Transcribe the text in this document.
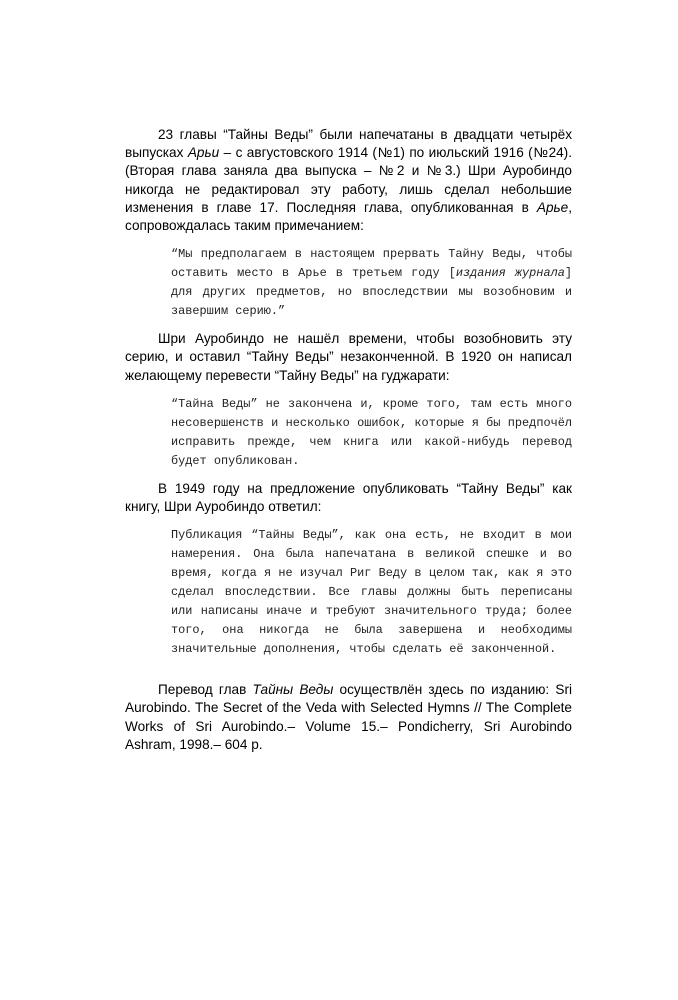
23 главы “Тайны Веды” были напечатаны в двадцати четырёх выпусках Арьи – с августовского 1914 (№1) по июльский 1916 (№24). (Вторая глава заняла два выпуска – №2 и №3.) Шри Ауробиндо никогда не редактировал эту работу, лишь сделал небольшие изменения в главе 17. Последняя глава, опубликованная в Арье, сопровождалась таким примечанием:

“Мы предполагаем в настоящем прервать Тайну Веды, чтобы оставить место в Арье в третьем году [издания журнала] для других предметов, но впоследствии мы возобновим и завершим серию.”

Шри Ауробиндо не нашёл времени, чтобы возобновить эту серию, и оставил “Тайну Веды” незаконченной. В 1920 он написал желающему перевести “Тайну Веды” на гуджарати:

“Тайна Веды” не закончена и, кроме того, там есть много несовершенств и несколько ошибок, которые я бы предпочёл исправить прежде, чем книга или какой-нибудь перевод будет опубликован.

В 1949 году на предложение опубликовать “Тайну Веды” как книгу, Шри Ауробиндо ответил:

Публикация “Тайны Веды”, как она есть, не входит в мои намерения. Она была напечатана в великой спешке и во время, когда я не изучал Риг Веду в целом так, как я это сделал впоследствии. Все главы должны быть переписаны или написаны иначе и требуют значительного труда; более того, она никогда не была завершена и необходимы значительные дополнения, чтобы сделать её законченной.

Перевод глав Тайны Веды осуществлён здесь по изданию: Sri Aurobindo. The Secret of the Veda with Selected Hymns // The Complete Works of Sri Aurobindo.– Volume 15.– Pondicherry, Sri Aurobindo Ashram, 1998.– 604 p.
